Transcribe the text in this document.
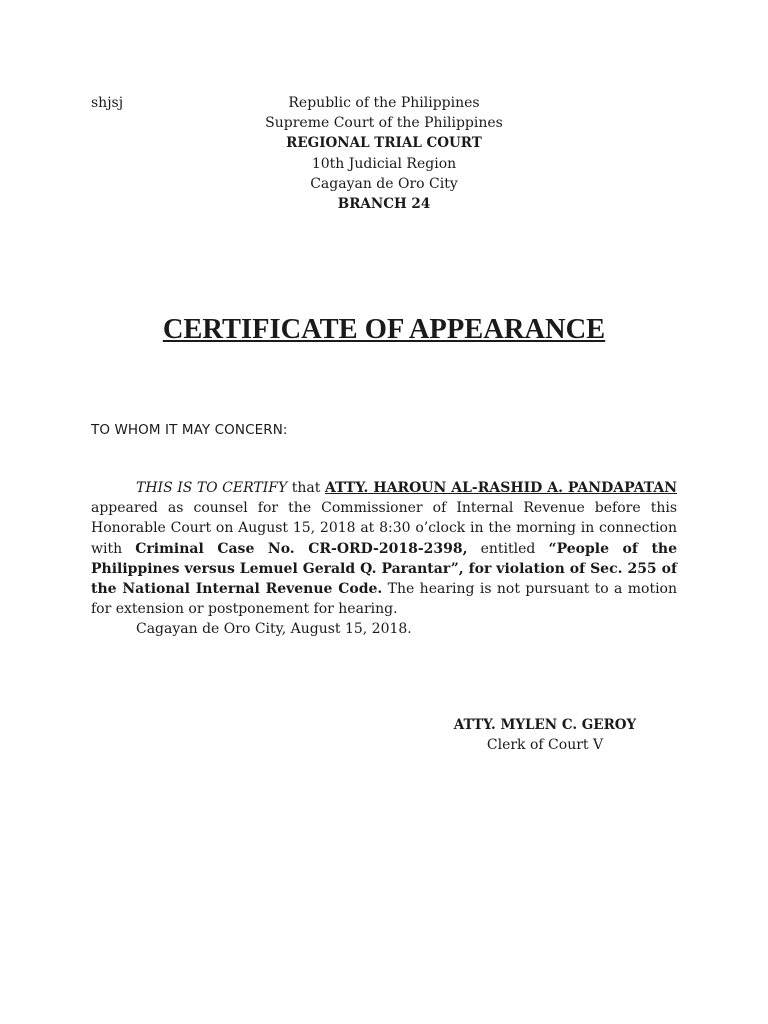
shjsj	Republic of the Philippines
Supreme Court of the Philippines
REGIONAL TRIAL COURT
10th Judicial Region
Cagayan de Oro City
BRANCH 24
CERTIFICATE OF APPEARANCE
TO WHOM IT MAY CONCERN:
THIS IS TO CERTIFY that ATTY. HAROUN AL-RASHID A. PANDAPATAN appeared as counsel for the Commissioner of Internal Revenue before this Honorable Court on August 15, 2018 at 8:30 o’clock in the morning in connection with Criminal Case No. CR-ORD-2018-2398, entitled “People of the Philippines versus Lemuel Gerald Q. Parantar”, for violation of Sec. 255 of the National Internal Revenue Code. The hearing is not pursuant to a motion for extension or postponement for hearing.
Cagayan de Oro City, August 15, 2018.
ATTY. MYLEN C. GEROY
Clerk of Court V
